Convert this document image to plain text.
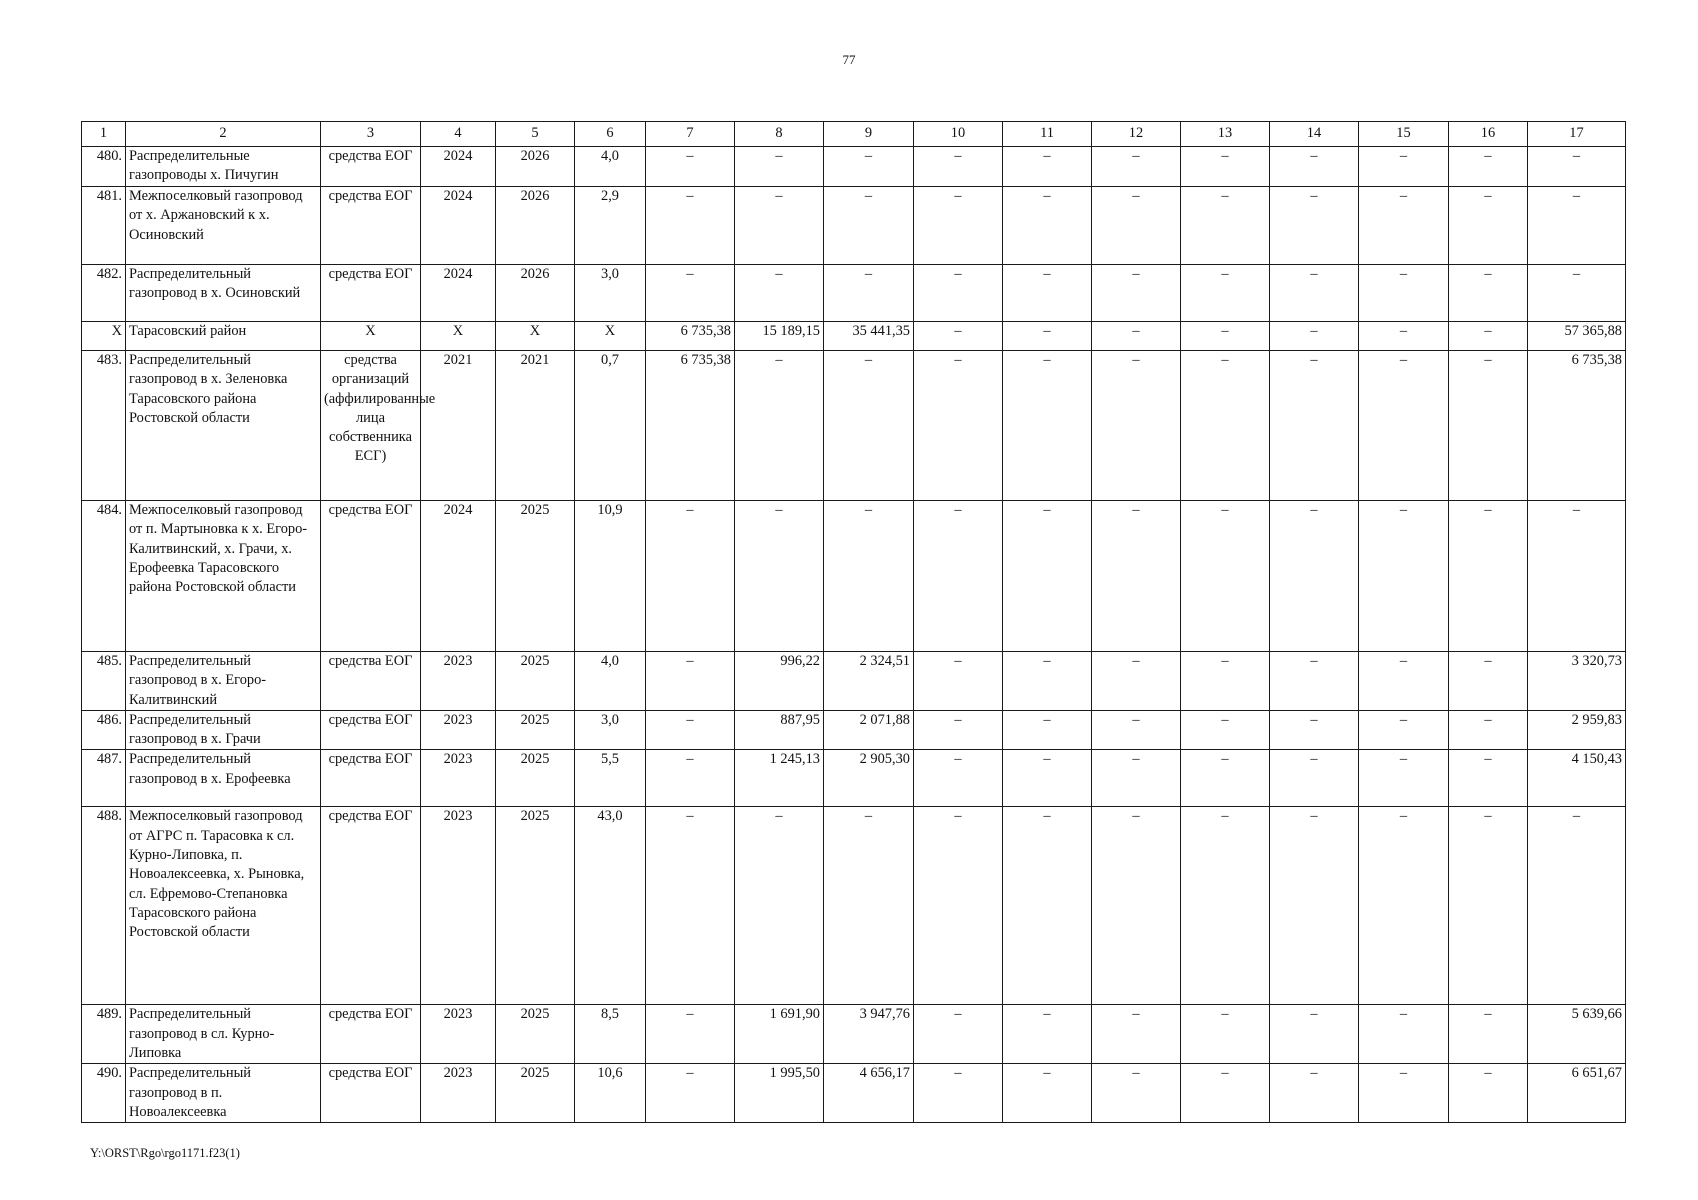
77
1	2	3	4	5	6	7	8	9	10	11	12	13	14	15	16	17
480.	Распределительные газопроводы х. Пичугин	средства ЕОГ	2024	2026	4,0	–	–	–	–	–	–	–	–	–	–	–
481.	Межпоселковый газопровод от х. Аржановский к х. Осиновский	средства ЕОГ	2024	2026	2,9	–	–	–	–	–	–	–	–	–	–	–
482.	Распределительный газопровод в х. Осиновский	средства ЕОГ	2024	2026	3,0	–	–	–	–	–	–	–	–	–	–	–
X	Тарасовский район	X	X	X	X	6 735,38	15 189,15	35 441,35	–	–	–	–	–	–	–	57 365,88
483.	Распределительный газопровод в х. Зеленовка Тарасовского района Ростовской области	средства организаций (аффилированные лица собственника ЕСГ)	2021	2021	0,7	6 735,38	–	–	–	–	–	–	–	–	–	6 735,38
484.	Межпоселковый газопровод от п. Мартыновка к х. Егоро-Калитвинский, х. Грачи, х. Ерофеевка Тарасовского района Ростовской области	средства ЕОГ	2024	2025	10,9	–	–	–	–	–	–	–	–	–	–	–
485.	Распределительный газопровод в х. Егоро-Калитвинский	средства ЕОГ	2023	2025	4,0	–	996,22	2 324,51	–	–	–	–	–	–	–	3 320,73
486.	Распределительный газопровод в х. Грачи	средства ЕОГ	2023	2025	3,0	–	887,95	2 071,88	–	–	–	–	–	–	–	2 959,83
487.	Распределительный газопровод в х. Ерофеевка	средства ЕОГ	2023	2025	5,5	–	1 245,13	2 905,30	–	–	–	–	–	–	–	4 150,43
488.	Межпоселковый газопровод от АГРС п. Тарасовка к сл. Курно-Липовка, п. Новоалексеевка, х. Рыновка, сл. Ефремово-Степановка Тарасовского района Ростовской области	средства ЕОГ	2023	2025	43,0	–	–	–	–	–	–	–	–	–	–	–
489.	Распределительный газопровод в сл. Курно-Липовка	средства ЕОГ	2023	2025	8,5	–	1 691,90	3 947,76	–	–	–	–	–	–	–	5 639,66
490.	Распределительный газопровод в п. Новоалексеевка	средства ЕОГ	2023	2025	10,6	–	1 995,50	4 656,17	–	–	–	–	–	–	–	6 651,67
Y:\ORST\Rgo\rgo1171.f23(1)
